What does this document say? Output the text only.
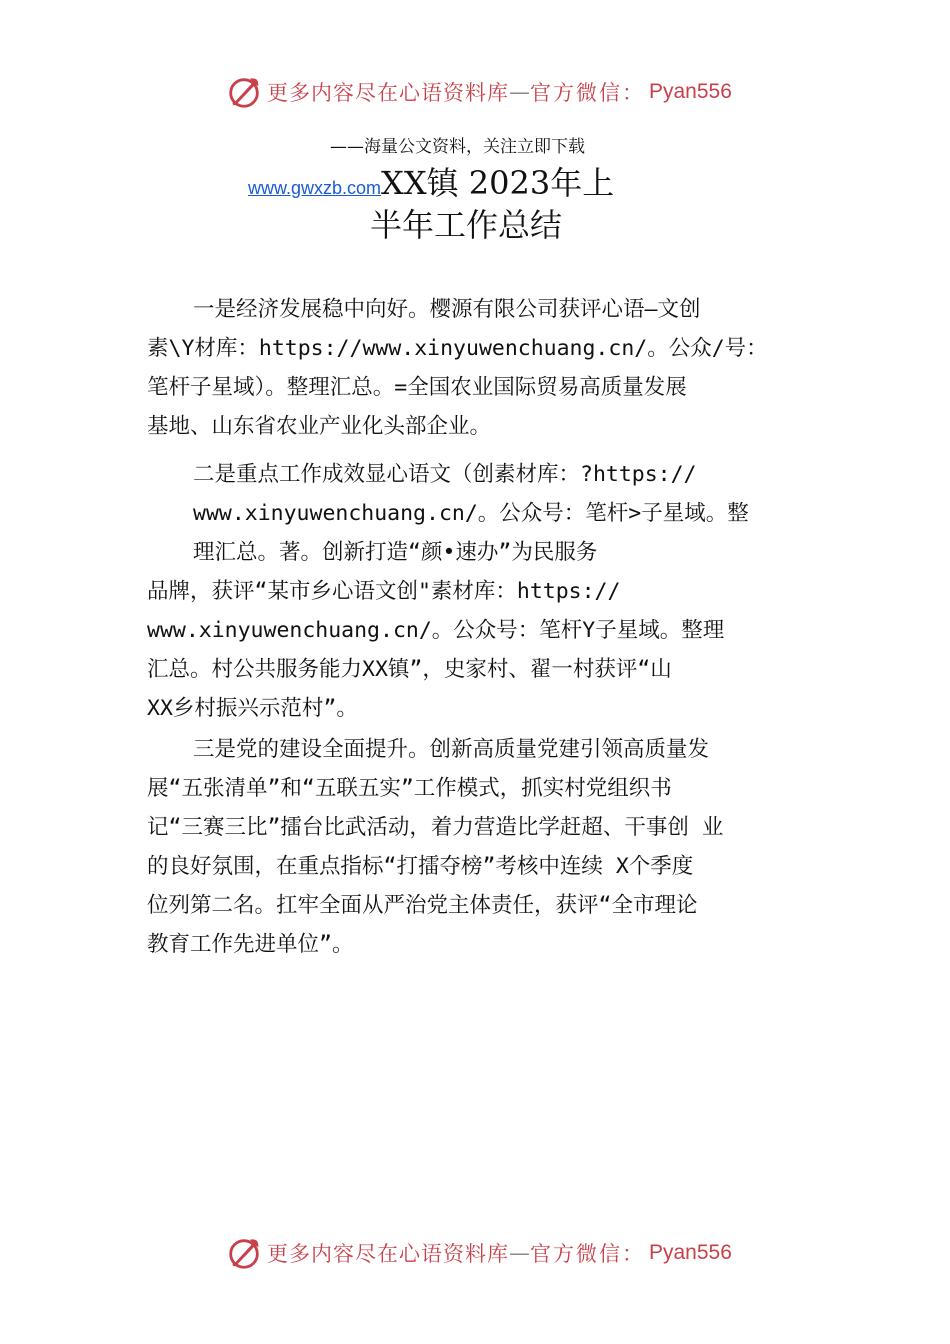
更多内容尽在心语资料库 — 官方微信： Pyan556
——海量公文资料，关注立即下载
www.gwxzb.com XX镇 2023年上
半年工作总结
一是经济发展稳中向好。樱源有限公司获评心语—文创
素\Y材库：https://www.xinyuwenchuang.cn/。公众/号：
笔杆子星域）。整理汇总。=全国农业国际贸易高质量发展
基地、山东省农业产业化头部企业。
二是重点工作成效显心语文（创素材库：?https://
www.xinyuwenchuang.cn/。公众号：笔杆>子星域。整
理汇总。著。创新打造“颜•速办”为民服务
品牌，获评“某市乡心语文创"素材库：https://
www.xinyuwenchuang.cn/。公众号：笔杆Y子星域。整理
汇总。村公共服务能力XX镇”，史家村、翟一村获评“山
XX乡村振兴示范村”。
三是党的建设全面提升。创新高质量党建引领高质量发
展“五张清单”和“五联五实”工作模式，抓实村党组织书
记“三赛三比”擂台比武活动，着力营造比学赶超、干事创 业
的良好氛围，在重点指标“打擂夺榜”考核中连续 X个季度
位列第二名。扛牢全面从严治党主体责任，获评“全市理论
教育工作先进单位”。
更多内容尽在心语资料库 — 官方微信： Pyan556
